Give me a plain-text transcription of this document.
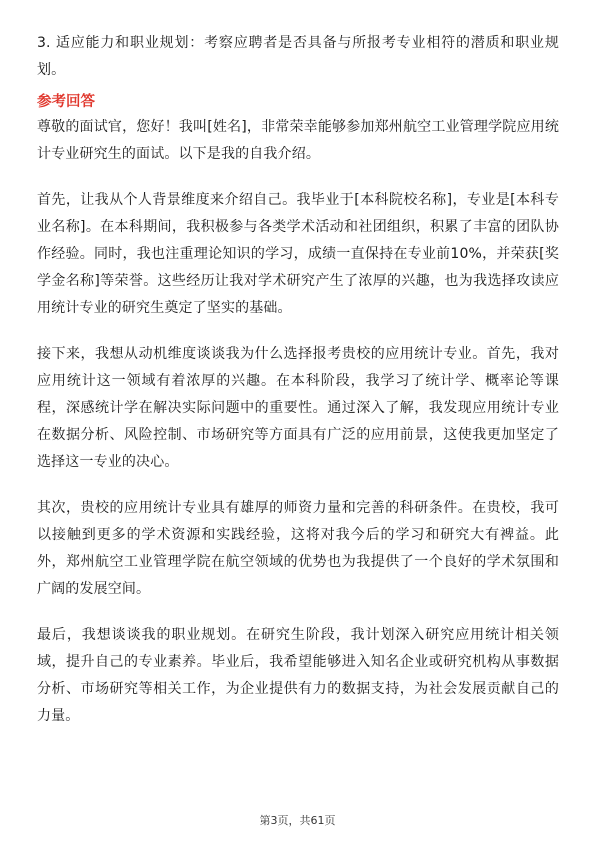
3. 适应能力和职业规划：考察应聘者是否具备与所报考专业相符的潜质和职业规划。

参考回答

尊敬的面试官，您好！我叫[姓名]，非常荣幸能够参加郑州航空工业管理学院应用统计专业研究生的面试。以下是我的自我介绍。

首先，让我从个人背景维度来介绍自己。我毕业于[本科院校名称]，专业是[本科专业名称]。在本科期间，我积极参与各类学术活动和社团组织，积累了丰富的团队协作经验。同时，我也注重理论知识的学习，成绩一直保持在专业前10%，并荣获[奖学金名称]等荣誉。这些经历让我对学术研究产生了浓厚的兴趣，也为我选择攻读应用统计专业的研究生奠定了坚实的基础。

接下来，我想从动机维度谈谈我为什么选择报考贵校的应用统计专业。首先，我对应用统计这一领域有着浓厚的兴趣。在本科阶段，我学习了统计学、概率论等课程，深感统计学在解决实际问题中的重要性。通过深入了解，我发现应用统计专业在数据分析、风险控制、市场研究等方面具有广泛的应用前景，这使我更加坚定了选择这一专业的决心。

其次，贵校的应用统计专业具有雄厚的师资力量和完善的科研条件。在贵校，我可以接触到更多的学术资源和实践经验，这将对我今后的学习和研究大有裨益。此外，郑州航空工业管理学院在航空领域的优势也为我提供了一个良好的学术氛围和广阔的发展空间。

最后，我想谈谈我的职业规划。在研究生阶段，我计划深入研究应用统计相关领域，提升自己的专业素养。毕业后，我希望能够进入知名企业或研究机构从事数据分析、市场研究等相关工作，为企业提供有力的数据支持，为社会发展贡献自己的力量。

第3页，共61页
